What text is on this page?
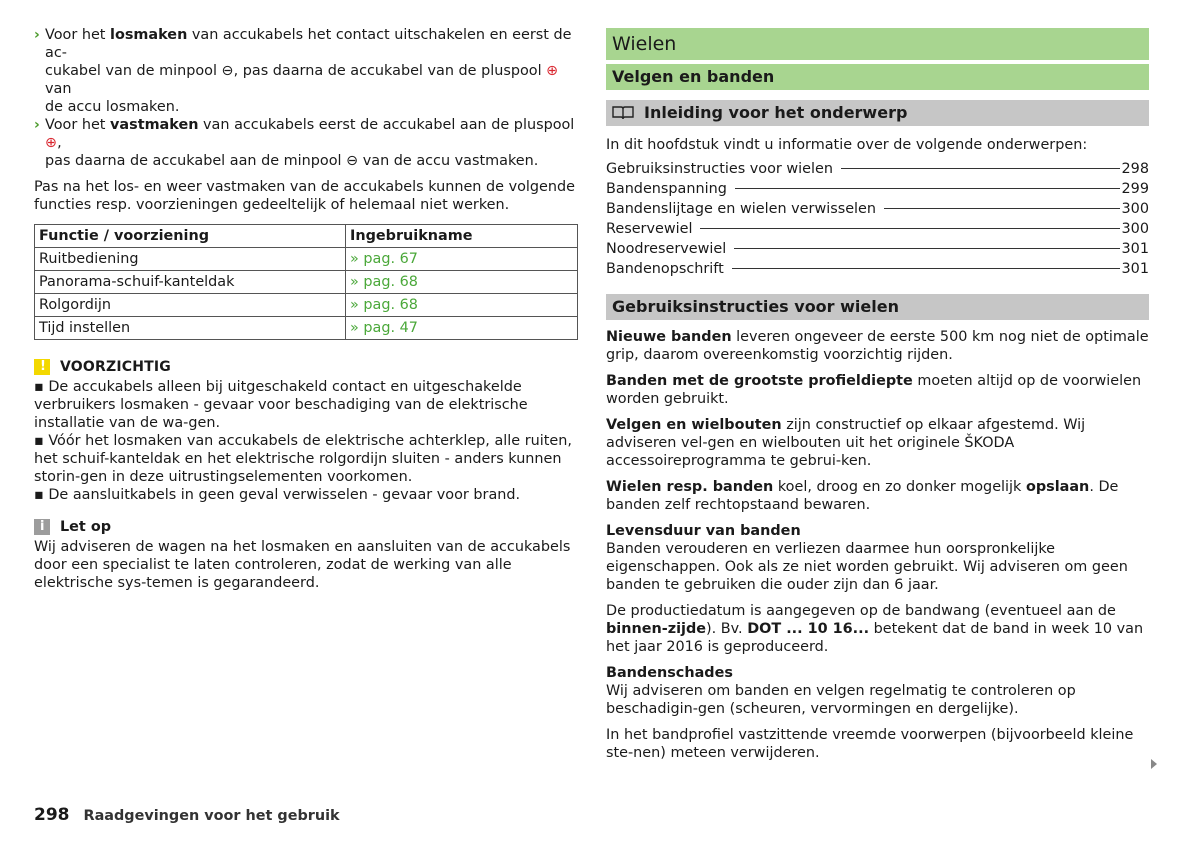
› Voor het losmaken van accukabels het contact uitschakelen en eerst de ac-
cukabel van de minpool ⊖, pas daarna de accukabel van de pluspool ⊕ van
de accu losmaken.
› Voor het vastmaken van accukabels eerst de accukabel aan de pluspool ⊕,
pas daarna de accukabel aan de minpool ⊖ van de accu vastmaken.

Pas na het los- en weer vastmaken van de accukabels kunnen de volgende functies resp. voorzieningen gedeeltelijk of helemaal niet werken.

Functie / voorziening	Ingebruikname
Ruitbediening	» pag. 67
Panorama-schuif-kanteldak	» pag. 68
Rolgordijn	» pag. 68
Tijd instellen	» pag. 47
!
VOORZICHTIG

▪ De accukabels alleen bij uitgeschakeld contact en uitgeschakelde verbruikers losmaken - gevaar voor beschadiging van de elektrische installatie van de wa-gen.

▪ Vóór het losmaken van accukabels de elektrische achterklep, alle ruiten, het schuif-kanteldak en het elektrische rolgordijn sluiten - anders kunnen storin-gen in deze uitrustingselementen voorkomen.

▪ De aansluitkabels in geen geval verwisselen - gevaar voor brand.

i
Let op

Wij adviseren de wagen na het losmaken en aansluiten van de accukabels door een specialist te laten controleren, zodat de werking van alle elektrische sys-temen is gegarandeerd.

Wielen
Velgen en banden
Inleiding voor het onderwerp

In dit hoofdstuk vindt u informatie over de volgende onderwerpen:

Gebruiksinstructies voor wielen	298
Bandenspanning	299
Bandenslijtage en wielen verwisselen	300
Reservewiel	300
Noodreservewiel	301
Bandenopschrift	301
Gebruiksinstructies voor wielen

Nieuwe banden leveren ongeveer de eerste 500 km nog niet de optimale grip, daarom overeenkomstig voorzichtig rijden.

Banden met de grootste profieldiepte moeten altijd op de voorwielen worden gebruikt.

Velgen en wielbouten zijn constructief op elkaar afgestemd. Wij adviseren vel-gen en wielbouten uit het originele ŠKODA accessoireprogramma te gebrui-ken.

Wielen resp. banden koel, droog en zo donker mogelijk opslaan. De banden zelf rechtopstaand bewaren.

Levensduur van banden

Banden verouderen en verliezen daarmee hun oorspronkelijke eigenschappen. Ook als ze niet worden gebruikt. Wij adviseren om geen banden te gebruiken die ouder zijn dan 6 jaar.

De productiedatum is aangegeven op de bandwang (eventueel aan de binnen-zijde). Bv. DOT ... 10 16... betekent dat de band in week 10 van het jaar 2016 is geproduceerd.

Bandenschades

Wij adviseren om banden en velgen regelmatig te controleren op beschadigin-gen (scheuren, vervormingen en dergelijke).

In het bandprofiel vastzittende vreemde voorwerpen (bijvoorbeeld kleine ste-nen) meteen verwijderen.

298 Raadgevingen voor het gebruik
